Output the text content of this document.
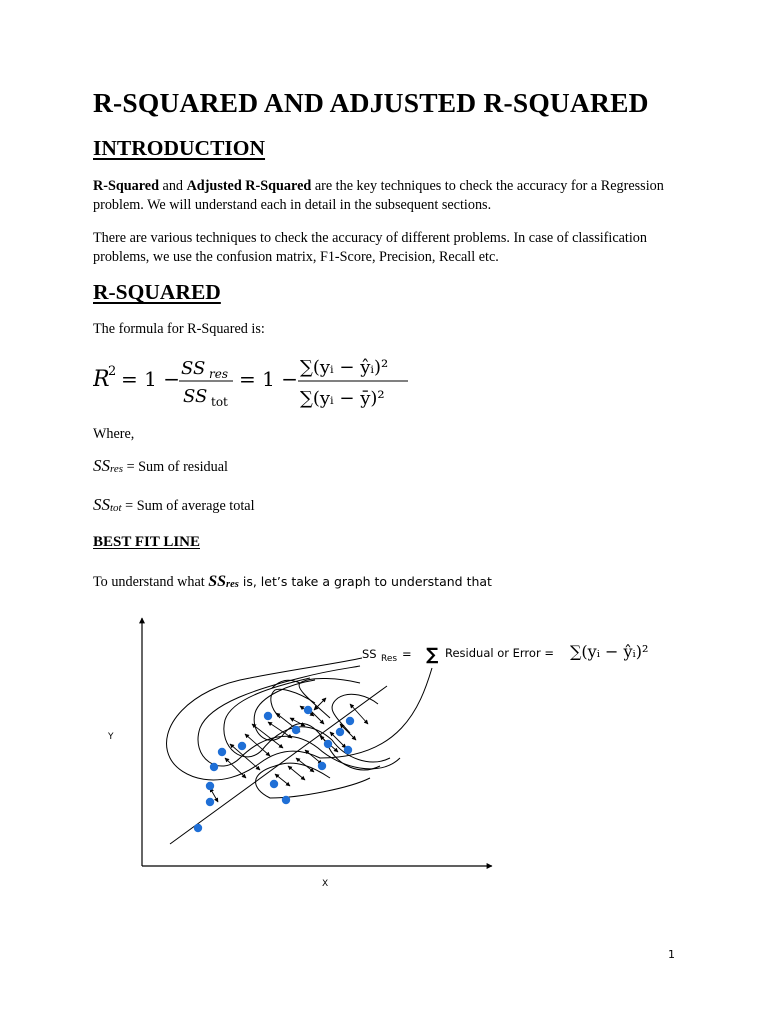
R-SQUARED AND ADJUSTED R-SQUARED
INTRODUCTION
R-Squared and Adjusted R-Squared are the key techniques to check the accuracy for a Regression problem. We will understand each in detail in the subsequent sections.
There are various techniques to check the accuracy of different problems. In case of classification problems, we use the confusion matrix, F1-Score, Precision, Recall etc.
R-SQUARED
The formula for R-Squared is:
R
2 = 1 − SS res
SS tot
= 1 − ∑(yᵢ − ŷᵢ)²
∑(yᵢ − ȳ)²
Where,
$SS_{res}$ = Sum of residual
$SS_{tot}$ = Sum of average total
BEST FIT LINE
To understand what $SS_{res}$ is, let’s take a graph to understand that
Y
X
SS Res = ∑ Residual or Error = ∑(yᵢ − ŷᵢ)²
1
